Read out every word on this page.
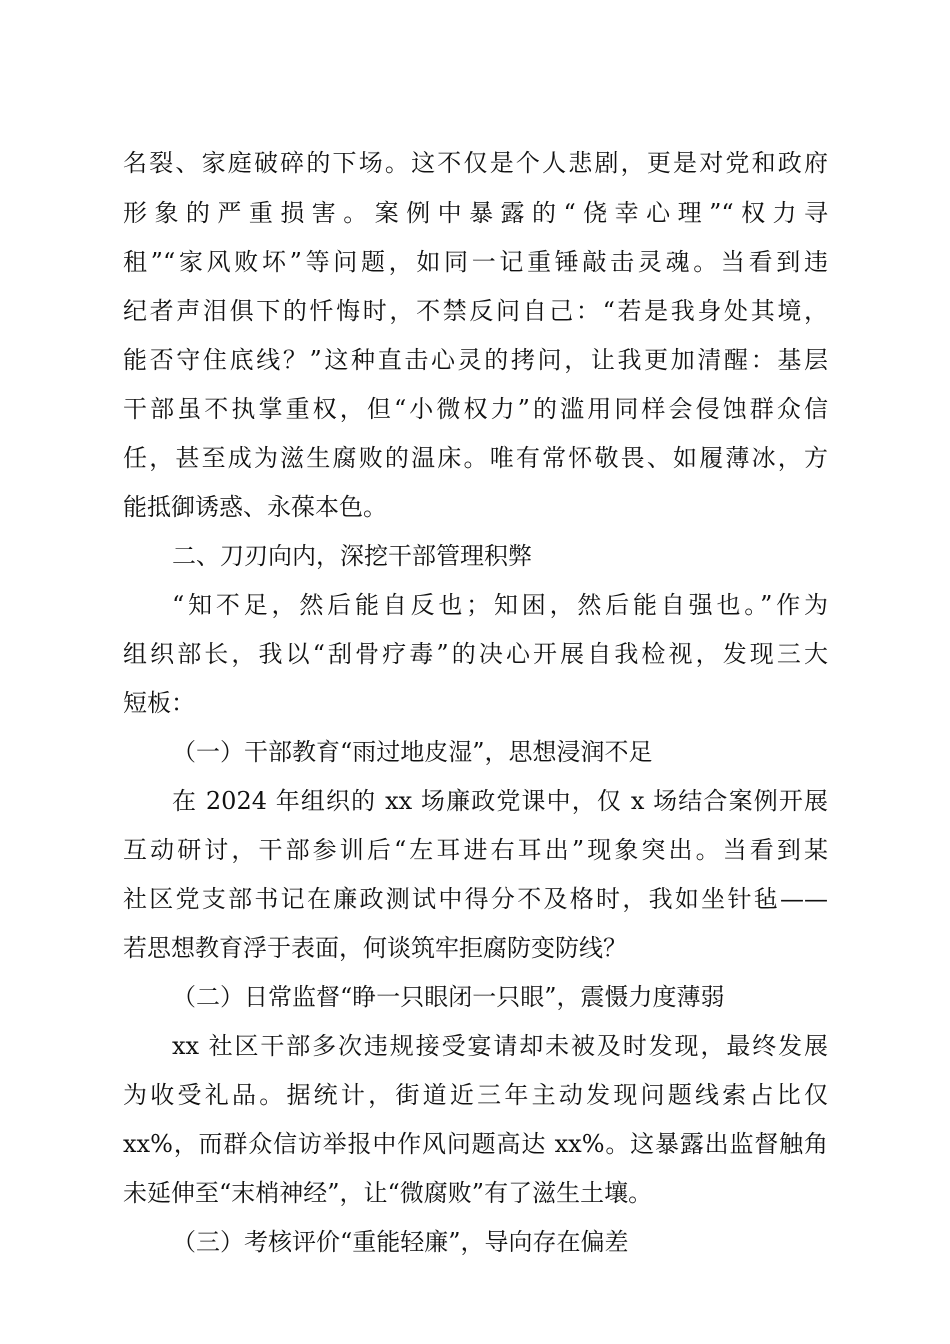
名裂、家庭破碎的下场。这不仅是个人悲剧，更是对党和政府
形象的严重损害。案例中暴露的“侥幸心理”“权力寻
租”“家风败坏”等问题，如同一记重锤敲击灵魂。当看到违
纪者声泪俱下的忏悔时，不禁反问自己：“若是我身处其境，
能否守住底线？”这种直击心灵的拷问，让我更加清醒：基层
干部虽不执掌重权，但“小微权力”的滥用同样会侵蚀群众信
任，甚至成为滋生腐败的温床。唯有常怀敬畏、如履薄冰，方
能抵御诱惑、永葆本色。
二、刀刃向内，深挖干部管理积弊
“知不足，然后能自反也；知困，然后能自强也。”作为
组织部长，我以“刮骨疗毒”的决心开展自我检视，发现三大
短板：
（一）干部教育“雨过地皮湿”，思想浸润不足
在 2024 年组织的 xx 场廉政党课中，仅 x 场结合案例开展
互动研讨，干部参训后“左耳进右耳出”现象突出。当看到某
社区党支部书记在廉政测试中得分不及格时，我如坐针毡——
若思想教育浮于表面，何谈筑牢拒腐防变防线？
（二）日常监督“睁一只眼闭一只眼”，震慑力度薄弱
xx 社区干部多次违规接受宴请却未被及时发现，最终发展
为收受礼品。据统计，街道近三年主动发现问题线索占比仅
xx%，而群众信访举报中作风问题高达 xx%。这暴露出监督触角
未延伸至“末梢神经”，让“微腐败”有了滋生土壤。
（三）考核评价“重能轻廉”，导向存在偏差
